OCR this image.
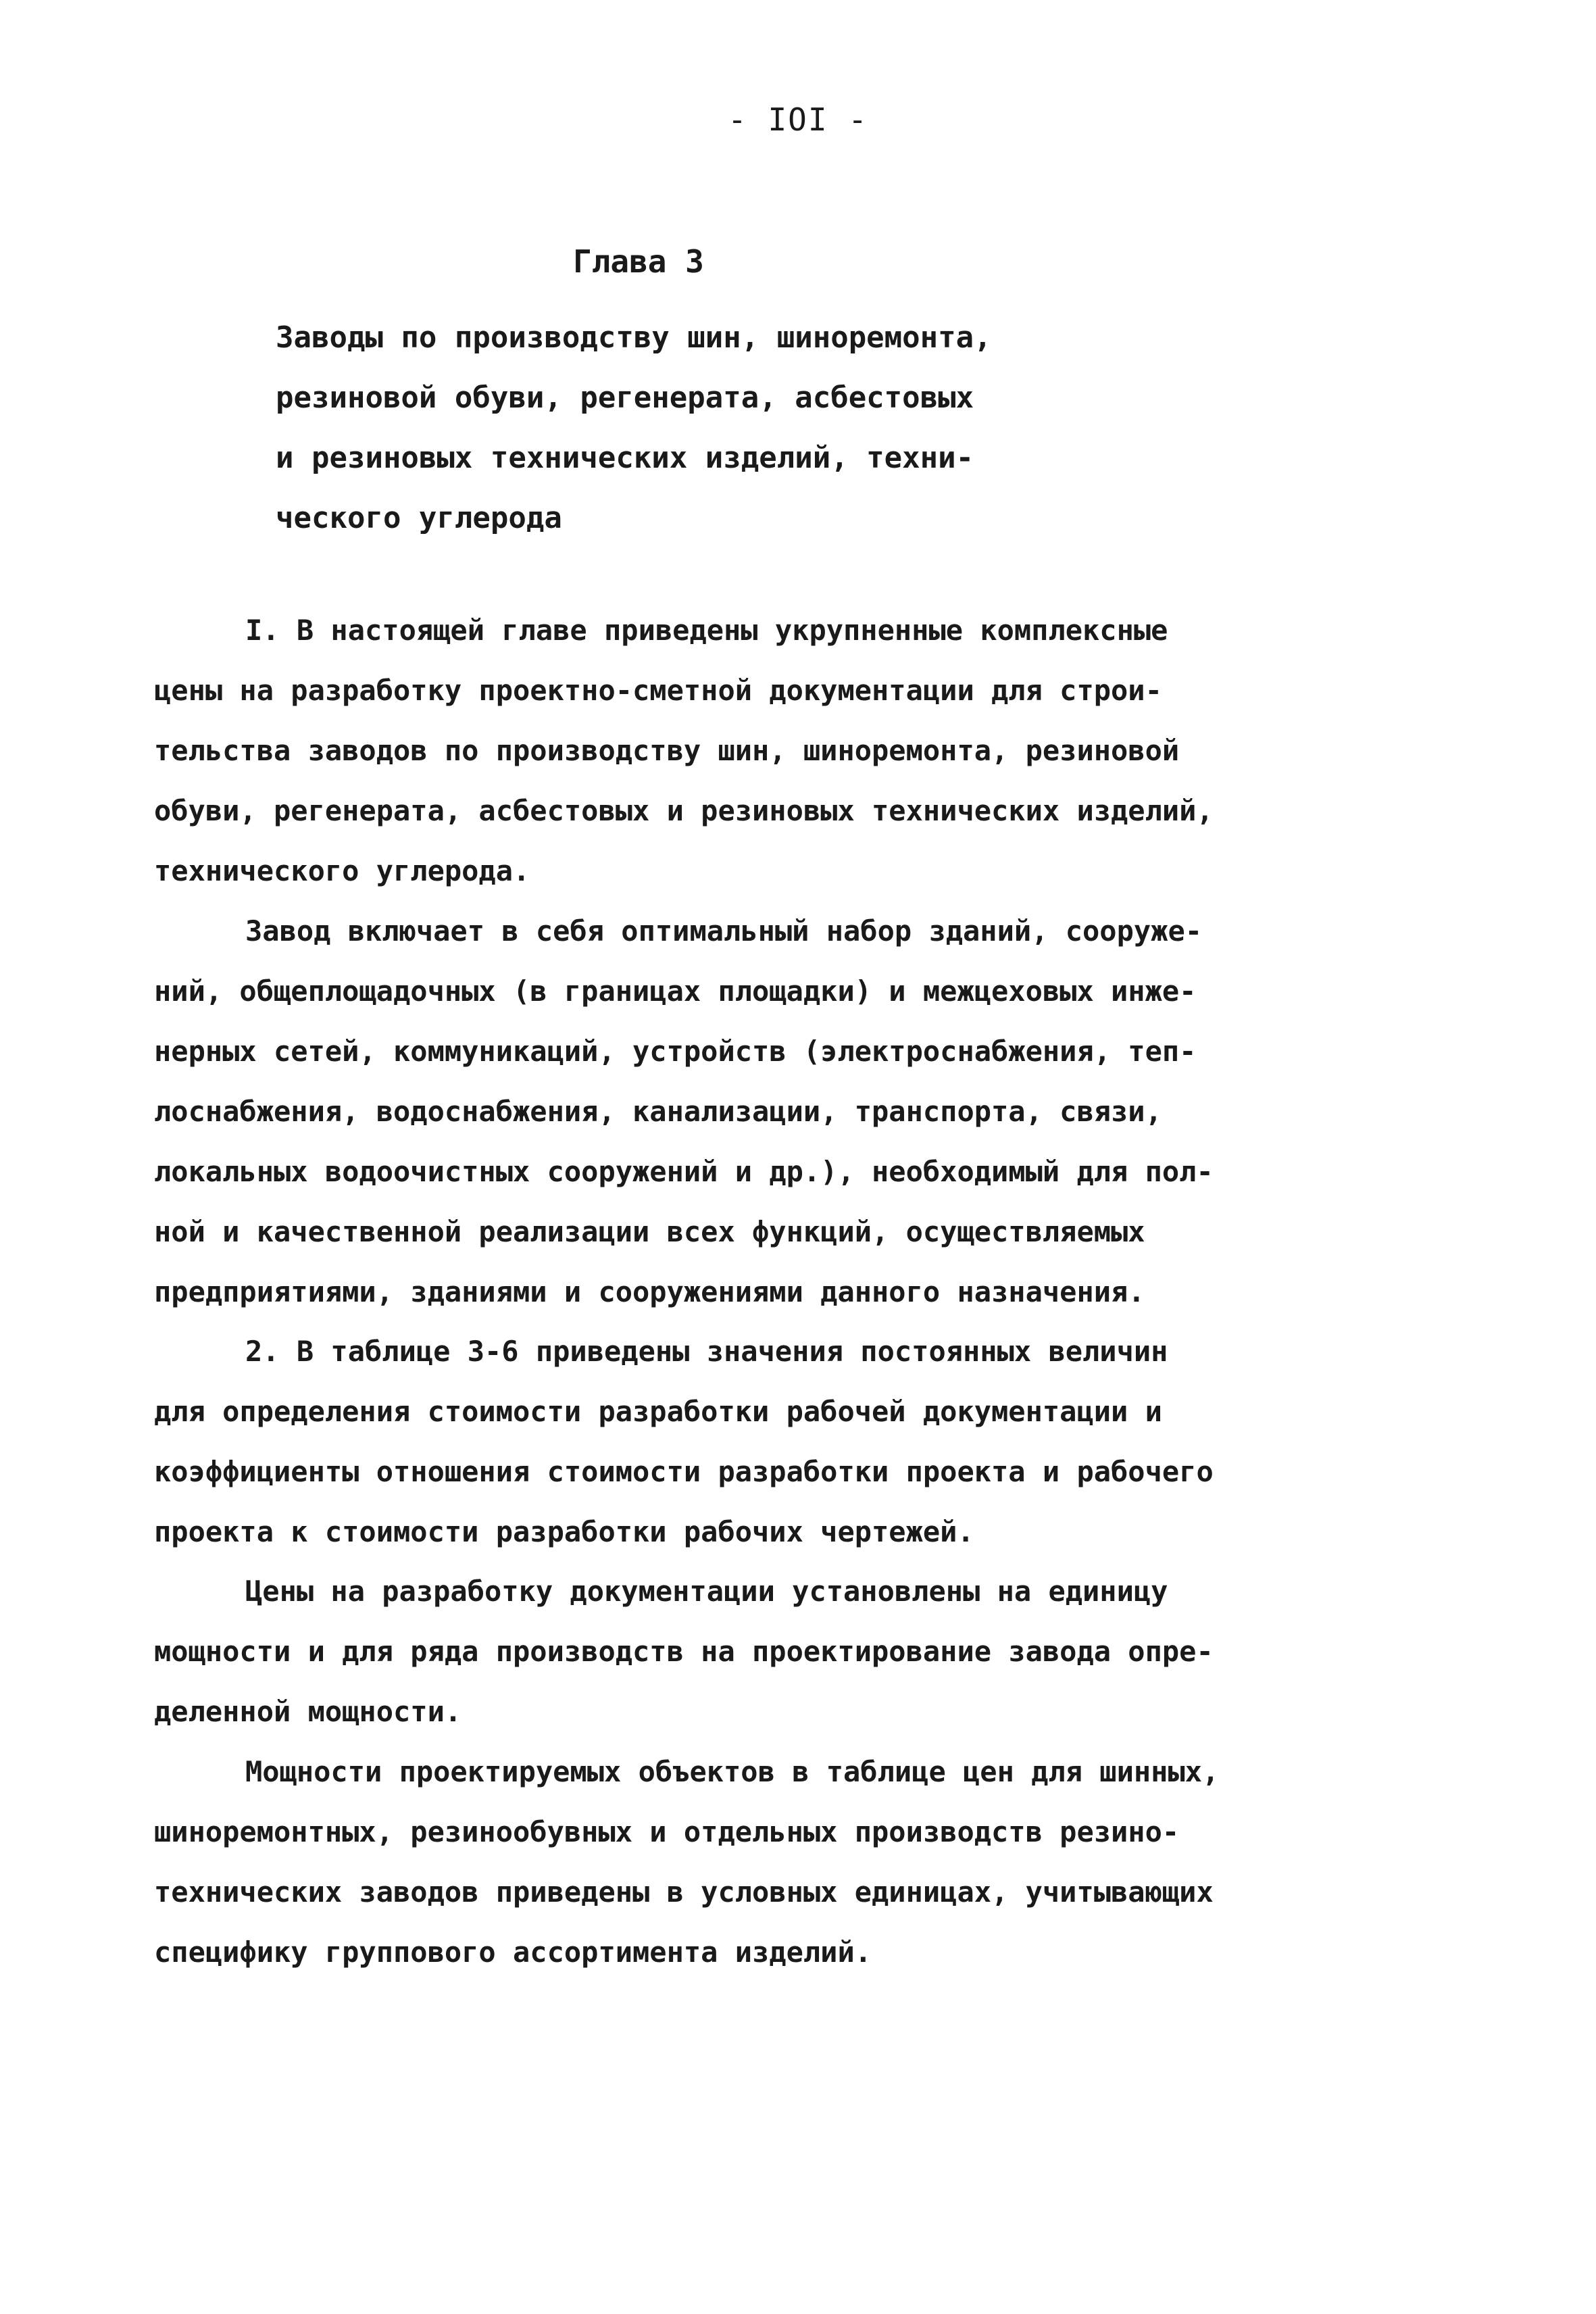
- IOI -
Глава 3
Заводы по производству шин, шиноремонта,
резиновой обуви, регенерата, асбестовых
и резиновых технических изделий, техни-
ческого углерода
I. В настоящей главе приведены укрупненные комплексные
цены на разработку проектно-сметной документации для строи-
тельства заводов по производству шин, шиноремонта, резиновой
обуви, регенерата, асбестовых и резиновых технических изделий,
технического углерода.
Завод включает в себя оптимальный набор зданий, сооруже-
ний, общеплощадочных (в границах площадки) и межцеховых инже-
нерных сетей, коммуникаций, устройств (электроснабжения, теп-
лоснабжения, водоснабжения, канализации, транспорта, связи,
локальных водоочистных сооружений и др.), необходимый для пол-
ной и качественной реализации всех функций, осуществляемых
предприятиями, зданиями и сооружениями данного назначения.
2. В таблице 3-6 приведены значения постоянных величин
для определения стоимости разработки рабочей документации и
коэффициенты отношения стоимости разработки проекта и рабочего
проекта к стоимости разработки рабочих чертежей.
Цены на разработку документации установлены на единицу
мощности и для ряда производств на проектирование завода опре-
деленной мощности.
Мощности проектируемых объектов в таблице цен для шинных,
шиноремонтных, резинообувных и отдельных производств резино-
технических заводов приведены в условных единицах, учитывающих
специфику группового ассортимента изделий.
